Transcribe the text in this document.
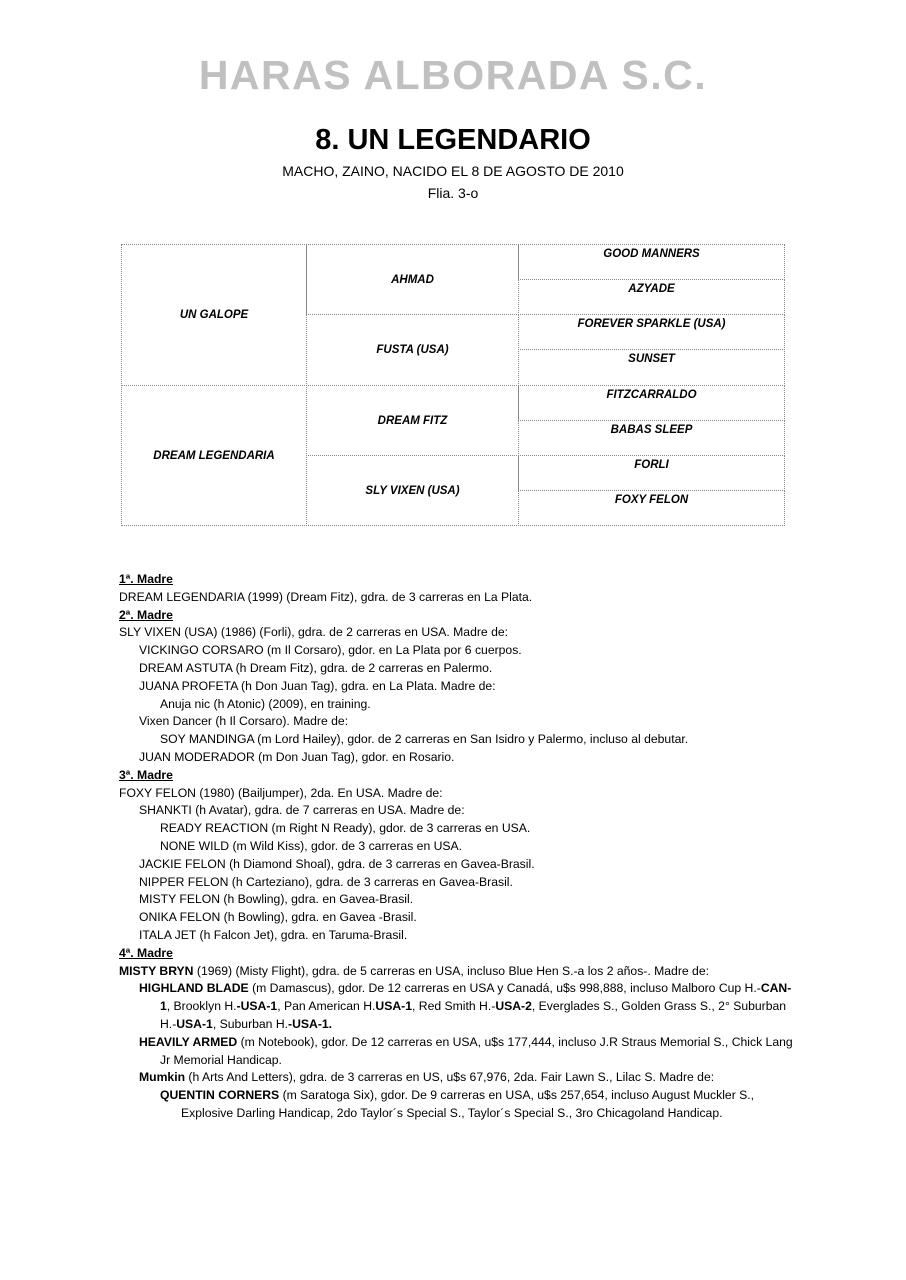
HARAS ALBORADA S.C.
8. UN LEGENDARIO
MACHO, ZAINO, NACIDO EL 8 DE AGOSTO DE 2010
Flia. 3-o
UN GALOPE
DREAM LEGENDARIA
AHMAD
FUSTA (USA)
DREAM FITZ
SLY VIXEN (USA)
GOOD MANNERS
AZYADE
FOREVER SPARKLE (USA)
SUNSET
FITZCARRALDO
BABAS SLEEP
FORLI
FOXY FELON
1ª. Madre
DREAM LEGENDARIA (1999) (Dream Fitz), gdra. de 3 carreras en La Plata.
2ª. Madre
SLY VIXEN (USA) (1986) (Forli), gdra. de 2 carreras en USA. Madre de:
VICKINGO CORSARO (m Il Corsaro), gdor. en La Plata por 6 cuerpos.
DREAM ASTUTA (h Dream Fitz), gdra. de 2 carreras en Palermo.
JUANA PROFETA (h Don Juan Tag), gdra. en La Plata. Madre de:
Anuja nic (h Atonic) (2009), en training.
Vixen Dancer (h Il Corsaro). Madre de:
SOY MANDINGA (m Lord Hailey), gdor. de 2 carreras en San Isidro y Palermo, incluso al debutar.
JUAN MODERADOR (m Don Juan Tag), gdor. en Rosario.
3ª. Madre
FOXY FELON (1980) (Bailjumper), 2da. En USA. Madre de:
SHANKTI (h Avatar), gdra. de 7 carreras en USA. Madre de:
READY REACTION (m Right N Ready), gdor. de 3 carreras en USA.
NONE WILD (m Wild Kiss), gdor. de 3 carreras en USA.
JACKIE FELON (h Diamond Shoal), gdra. de 3 carreras en Gavea-Brasil.
NIPPER FELON (h Carteziano), gdra. de 3 carreras en Gavea-Brasil.
MISTY FELON (h Bowling), gdra. en Gavea-Brasil.
ONIKA FELON (h Bowling), gdra. en Gavea -Brasil.
ITALA JET (h Falcon Jet), gdra. en Taruma-Brasil.
4ª. Madre
MISTY BRYN (1969) (Misty Flight), gdra. de 5 carreras en USA, incluso Blue Hen S.-a los 2 años-. Madre de:
HIGHLAND BLADE (m Damascus), gdor. De 12 carreras en USA y Canadá, u$s 998,888, incluso Malboro Cup H.-CAN-1, Brooklyn H.-USA-1, Pan American H.USA-1, Red Smith H.-USA-2, Everglades S., Golden Grass S., 2° Suburban H.-USA-1, Suburban H.-USA-1.
HEAVILY ARMED (m Notebook), gdor. De 12 carreras en USA, u$s 177,444, incluso J.R Straus Memorial S., Chick Lang Jr Memorial Handicap.
Mumkin (h Arts And Letters), gdra. de 3 carreras en US, u$s 67,976, 2da. Fair Lawn S., Lilac S. Madre de:
QUENTIN CORNERS (m Saratoga Six), gdor. De 9 carreras en USA, u$s 257,654, incluso August Muckler S., Explosive Darling Handicap, 2do Taylor´s Special S., Taylor´s Special S., 3ro Chicagoland Handicap.
